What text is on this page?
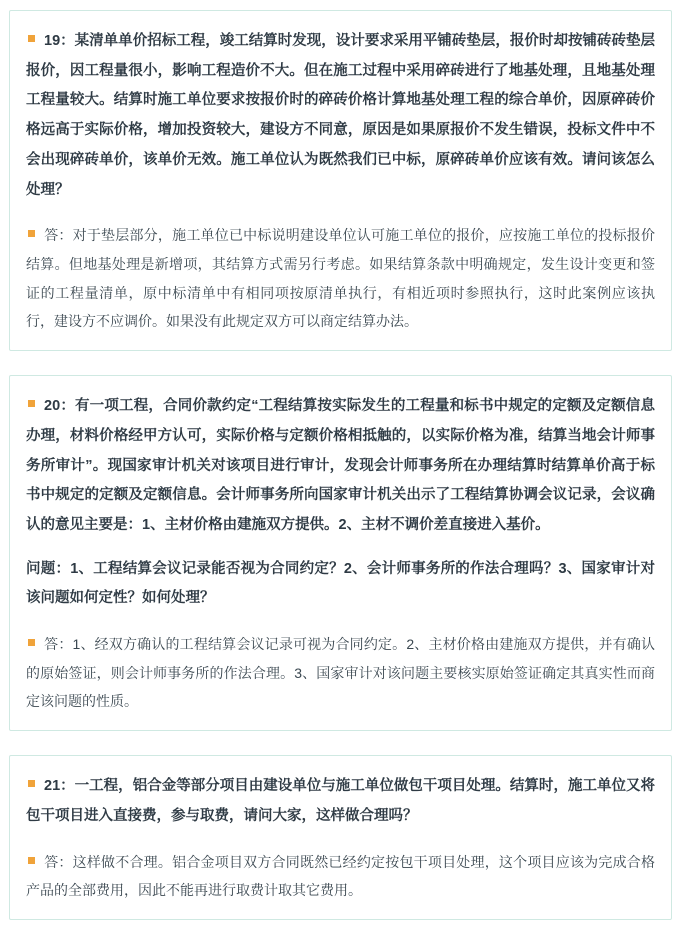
19：某清单单价招标工程，竣工结算时发现，设计要求采用平铺砖垫层，报价时却按铺砖砖垫层报价，因工程量很小，影响工程造价不大。但在施工过程中采用碎砖进行了地基处理，且地基处理工程量较大。结算时施工单位要求按报价时的碎砖价格计算地基处理工程的综合单价，因原碎砖价格远高于实际价格，增加投资较大，建设方不同意，原因是如果原报价不发生错误，投标文件中不会出现碎砖单价，该单价无效。施工单位认为既然我们已中标，原碎砖单价应该有效。请问该怎么处理？

答：对于垫层部分，施工单位已中标说明建设单位认可施工单位的报价，应按施工单位的投标报价结算。但地基处理是新增项，其结算方式需另行考虑。如果结算条款中明确规定，发生设计变更和签证的工程量清单，原中标清单中有相同项按原清单执行，有相近项时参照执行，这时此案例应该执行，建设方不应调价。如果没有此规定双方可以商定结算办法。

20：有一项工程，合同价款约定“工程结算按实际发生的工程量和标书中规定的定额及定额信息办理，材料价格经甲方认可，实际价格与定额价格相抵触的，以实际价格为准，结算当地会计师事务所审计”。现国家审计机关对该项目进行审计，发现会计师事务所在办理结算时结算单价高于标书中规定的定额及定额信息。会计师事务所向国家审计机关出示了工程结算协调会议记录，会议确认的意见主要是：1、主材价格由建施双方提供。2、主材不调价差直接进入基价。

问题：1、工程结算会议记录能否视为合同约定？2、会计师事务所的作法合理吗？3、国家审计对该问题如何定性？如何处理？

答：1、经双方确认的工程结算会议记录可视为合同约定。2、主材价格由建施双方提供，并有确认的原始签证，则会计师事务所的作法合理。3、国家审计对该问题主要核实原始签证确定其真实性而商定该问题的性质。

21：一工程，铝合金等部分项目由建设单位与施工单位做包干项目处理。结算时，施工单位又将包干项目进入直接费，参与取费，请问大家，这样做合理吗？

答：这样做不合理。铝合金项目双方合同既然已经约定按包干项目处理，这个项目应该为完成合格产品的全部费用，因此不能再进行取费计取其它费用。
